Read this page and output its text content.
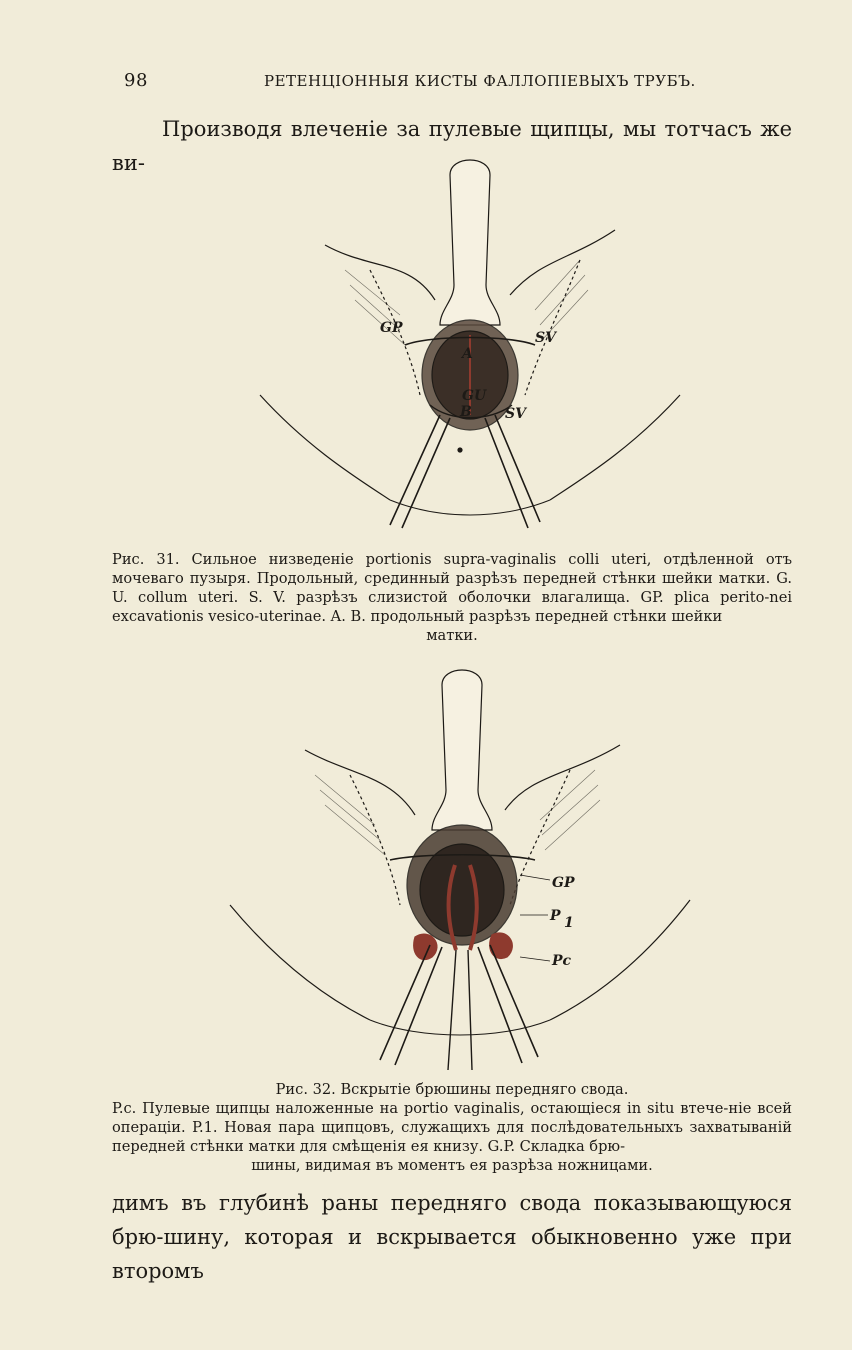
98	РЕТЕНЦІОННЫЯ КИСТЫ ФАЛЛОПІЕВЫХЪ ТРУБЪ.
Производя влеченіе за пулевые щипцы, мы тотчасъ же ви-
GP
SV
GU
SV
A
B
Рис. 31. Сильное низведеніе portionis supra-vaginalis colli uteri, отдѣленной отъ мочеваго пузыря. Продольный, срединный разрѣзъ передней стѣнки шейки матки. G. U. collum uteri. S. V. разрѣзъ слизистой оболочки влагалища. GP. plica perito-nei excavationis vesico-uterinae. A. B. продольный разрѣзъ передней стѣнки шейки
матки.
GP
P 1
Pc
Рис. 32. Вскрытіе брюшины передняго свода.
P.c. Пулевые щипцы наложенные на portio vaginalis, остающіеся in situ втече-ніе всей операціи. P.1. Новая пара щипцовъ, служащихъ для послѣдовательныхъ захватыванiй передней стѣнки матки для смѣщенія ея книзу. G.P. Складка брю-
шины, видимая въ моментъ ея разрѣза ножницами.
димъ въ глубинѣ раны передняго свода показывающуюся брю-шину, которая и вскрывается обыкновенно уже при второмъ
